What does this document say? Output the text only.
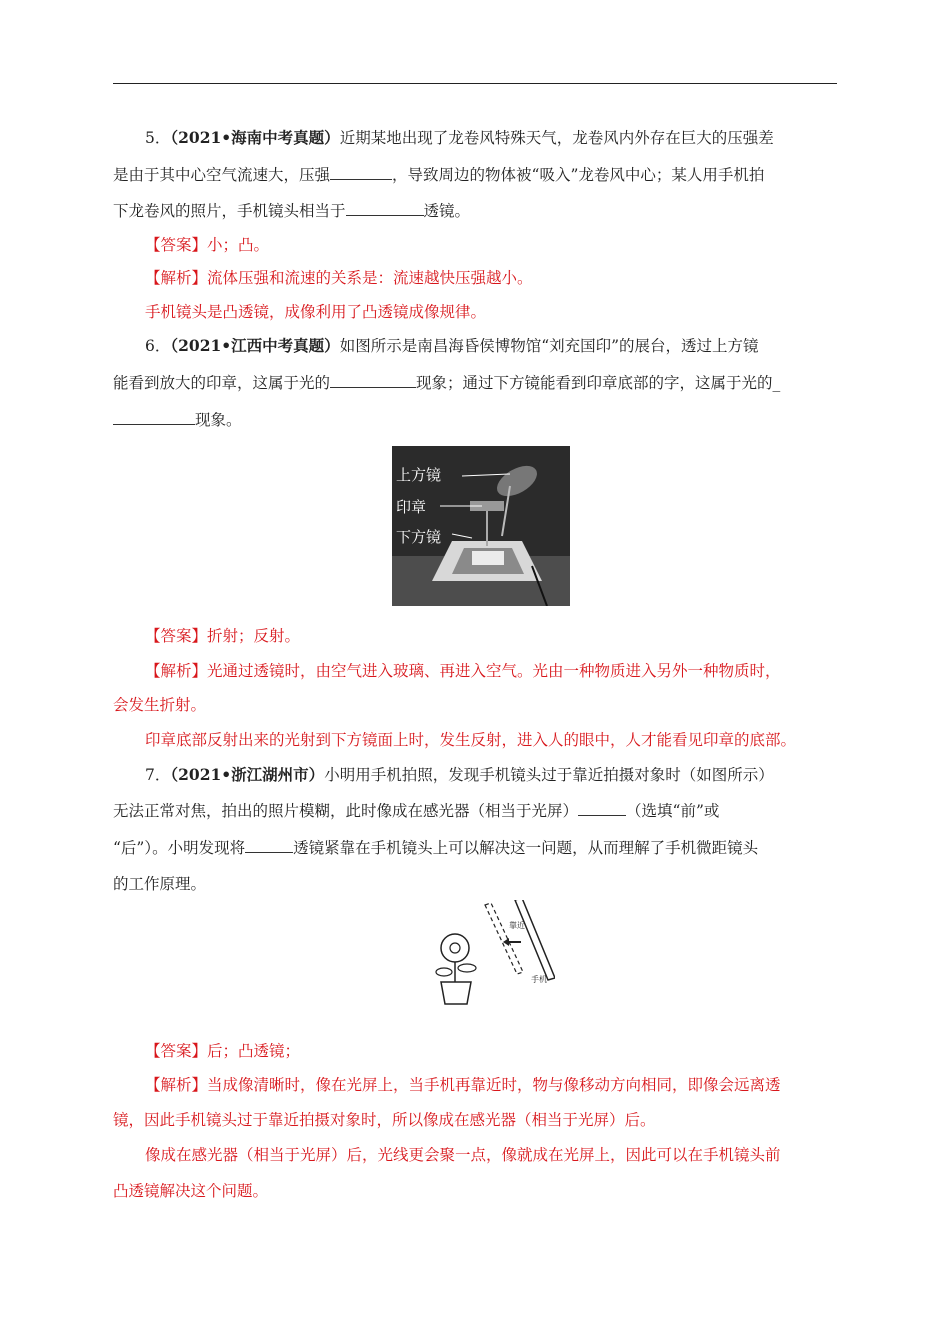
5．（2021•海南中考真题）近期某地出现了龙卷风特殊天气，龙卷风内外存在巨大的压强差
是由于其中心空气流速大，压强	，导致周边的物体被“吸入”龙卷风中心；某人用手机拍
下龙卷风的照片，手机镜头相当于	透镜。
【答案】小；凸。
【解析】流体压强和流速的关系是：流速越快压强越小。
手机镜头是凸透镜，成像利用了凸透镜成像规律。
6．（2021•江西中考真题）如图所示是南昌海昏侯博物馆“刘充国印”的展台，透过上方镜
能看到放大的印章，这属于光的	现象；通过下方镜能看到印章底部的字，这属于光的_
现象。
上方镜
印章
下方镜
【答案】折射；反射。
【解析】光通过透镜时，由空气进入玻璃、再进入空气。光由一种物质进入另外一种物质时，
会发生折射。
印章底部反射出来的光射到下方镜面上时，发生反射，进入人的眼中，人才能看见印章的底部。
7．（2021•浙江湖州市）小明用手机拍照，发现手机镜头过于靠近拍摄对象时（如图所示）
无法正常对焦，拍出的照片模糊，此时像成在感光器（相当于光屏）	（选填“前”或
“后”）。小明发现将	透镜紧靠在手机镜头上可以解决这一问题，从而理解了手机微距镜头
的工作原理。
靠近
手机
【答案】后；凸透镜；
【解析】当成像清晰时，像在光屏上，当手机再靠近时，物与像移动方向相同，即像会远离透
镜，因此手机镜头过于靠近拍摄对象时，所以像成在感光器（相当于光屏）后。
像成在感光器（相当于光屏）后，光线更会聚一点，像就成在光屏上，因此可以在手机镜头前
凸透镜解决这个问题。
